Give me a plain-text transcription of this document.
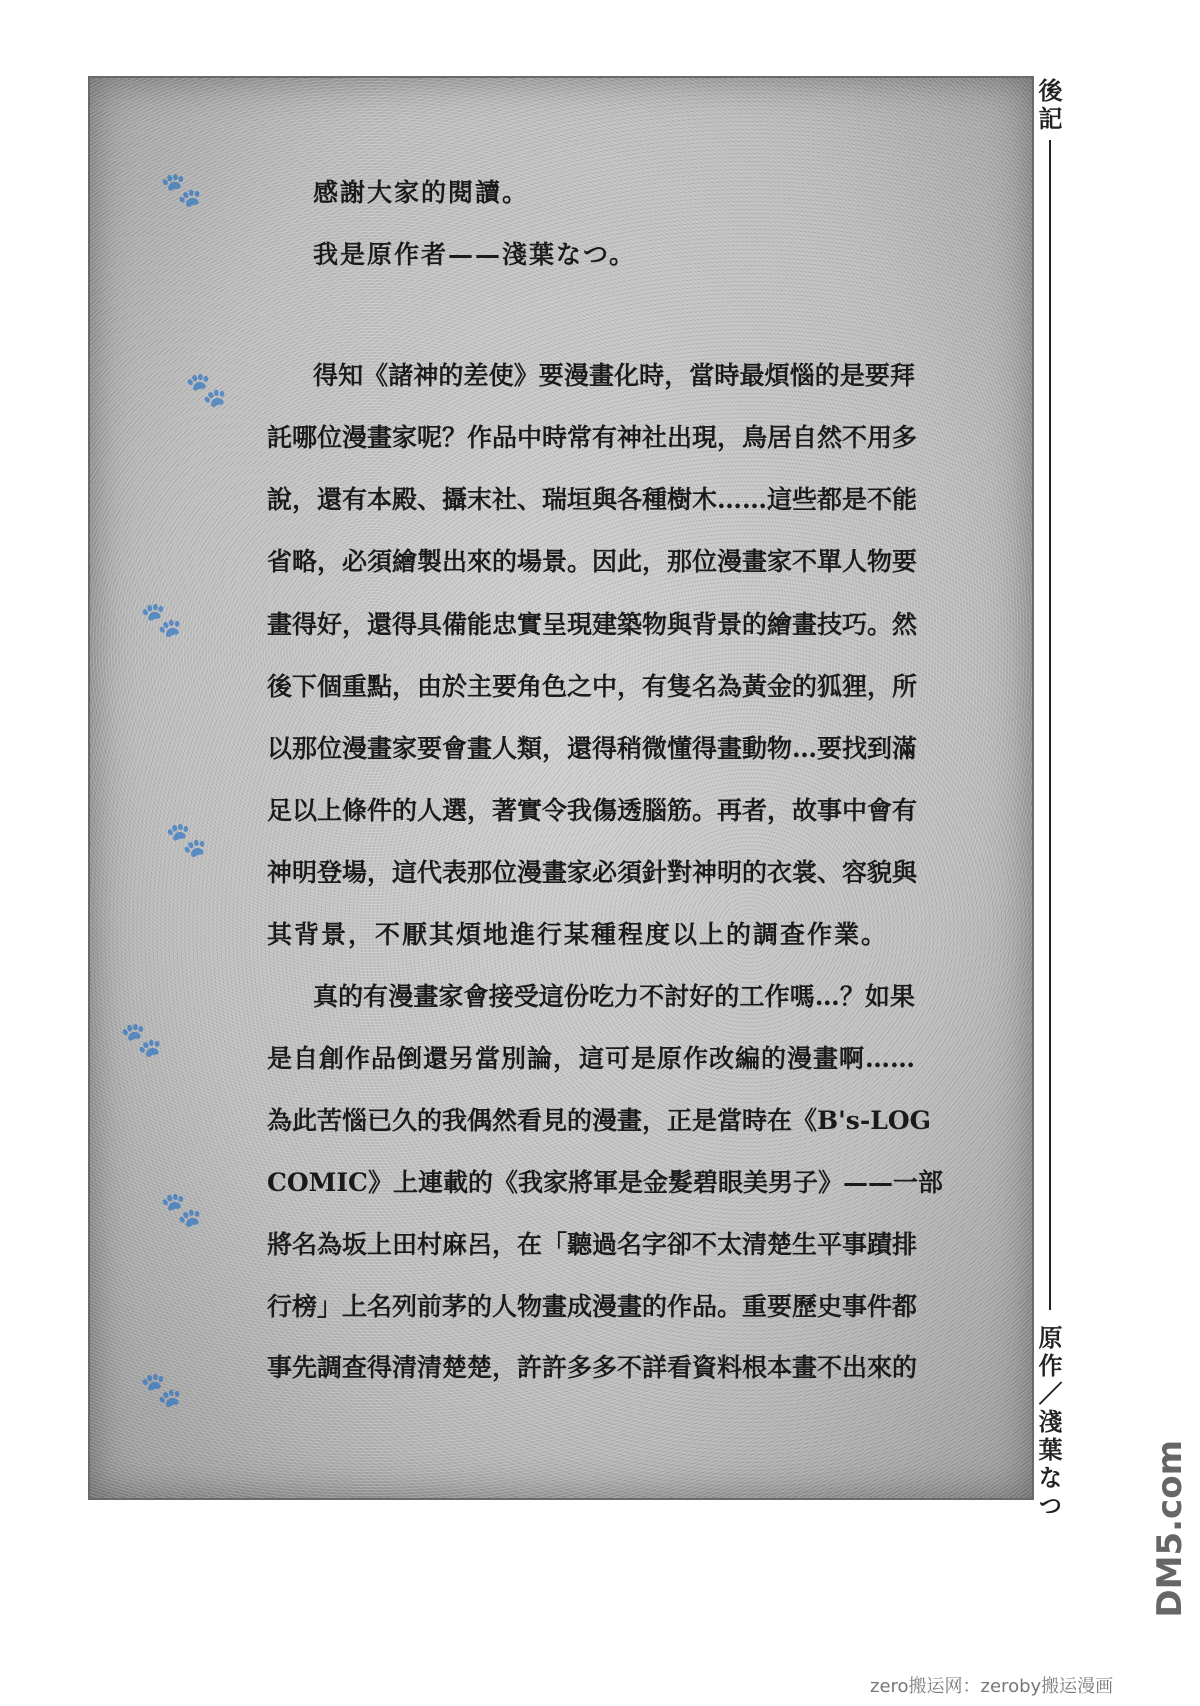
🐾
🐾
🐾
🐾
🐾
🐾
🐾
感謝大家的閱讀。
我是原作者——淺葉なつ。
得知《諸神的差使》要漫畫化時，當時最煩惱的是要拜
託哪位漫畫家呢？作品中時常有神社出現，鳥居自然不用多
說，還有本殿、攝末社、瑞垣與各種樹木……這些都是不能
省略，必須繪製出來的場景。因此，那位漫畫家不單人物要
畫得好，還得具備能忠實呈現建築物與背景的繪畫技巧。然
後下個重點，由於主要角色之中，有隻名為黃金的狐狸，所
以那位漫畫家要會畫人類，還得稍微懂得畫動物…要找到滿
足以上條件的人選，著實令我傷透腦筋。再者，故事中會有
神明登場，這代表那位漫畫家必須針對神明的衣裳、容貌與
其背景，不厭其煩地進行某種程度以上的調查作業。
真的有漫畫家會接受這份吃力不討好的工作嗎…？如果
是自創作品倒還另當別論，這可是原作改編的漫畫啊……
為此苦惱已久的我偶然看見的漫畫，正是當時在《B's-LOG
COMIC》上連載的《我家將軍是金髮碧眼美男子》——一部
將名為坂上田村麻呂，在「聽過名字卻不太清楚生平事蹟排
行榜」上名列前茅的人物畫成漫畫的作品。重要歷史事件都
事先調查得清清楚楚，許許多多不詳看資料根本畫不出來的
後記
原作／淺葉なつ
DM5.com
zero搬运网：zeroby搬运漫画
